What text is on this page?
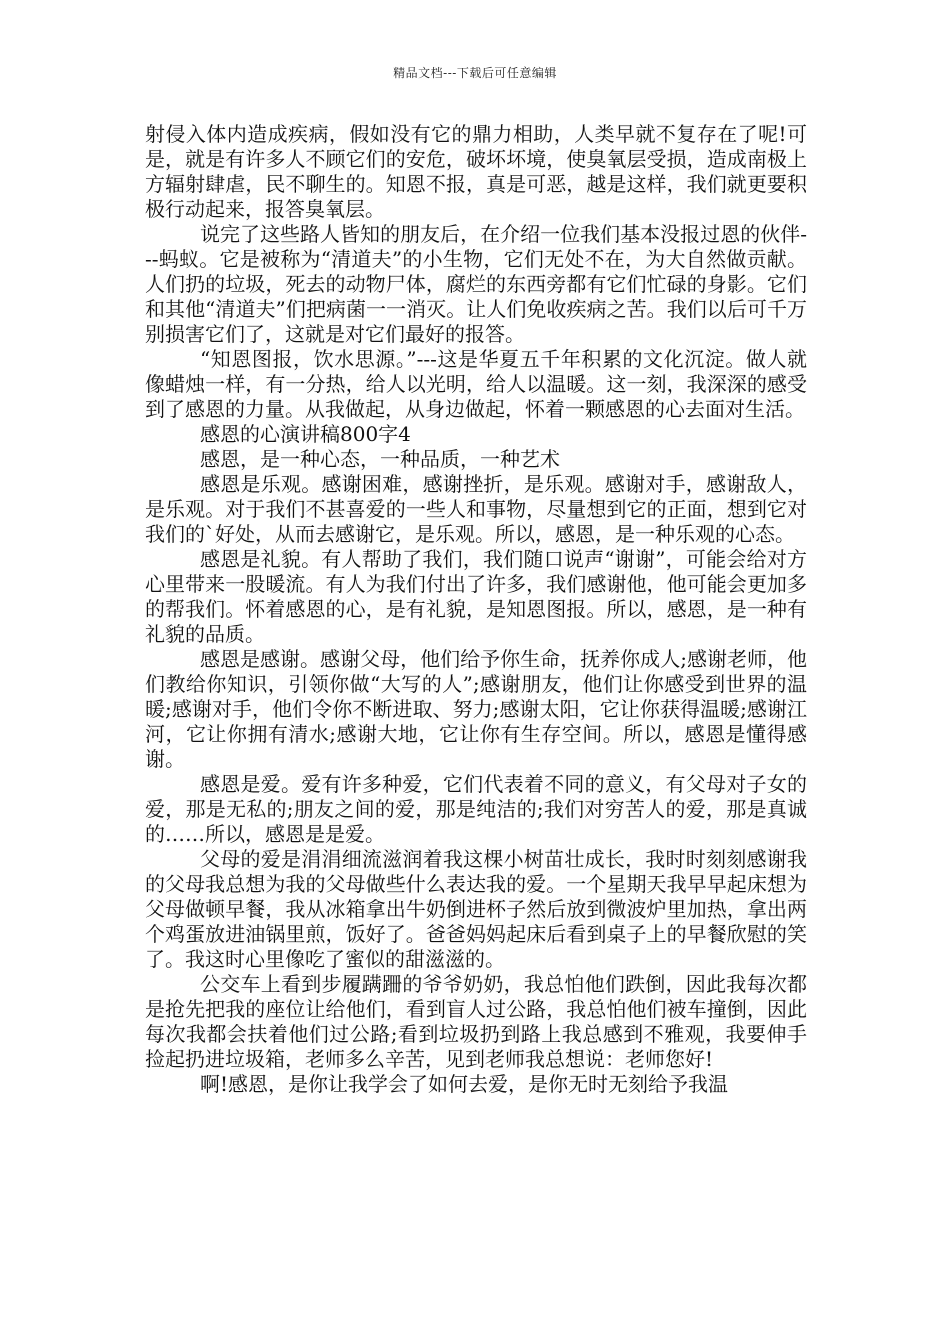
精品文档---下载后可任意编辑

射侵入体内造成疾病，假如没有它的鼎力相助，人类早就不复存在了呢!可是，就是有许多人不顾它们的安危，破坏坏境，使臭氧层受损，造成南极上方辐射肆虐，民不聊生的。知恩不报，真是可恶，越是这样，我们就更要积极行动起来，报答臭氧层。

说完了这些路人皆知的朋友后，在介绍一位我们基本没报过恩的伙伴---蚂蚁。它是被称为“清道夫”的小生物，它们无处不在，为大自然做贡献。人们扔的垃圾，死去的动物尸体，腐烂的东西旁都有它们忙碌的身影。它们和其他“清道夫”们把病菌一一消灭。让人们免收疾病之苦。我们以后可千万别损害它们了，这就是对它们最好的报答。

“知恩图报，饮水思源。”---这是华夏五千年积累的文化沉淀。做人就像蜡烛一样，有一分热，给人以光明，给人以温暖。这一刻，我深深的感受到了感恩的力量。从我做起，从身边做起，怀着一颗感恩的心去面对生活。

感恩的心演讲稿800字4

感恩，是一种心态，一种品质，一种艺术

感恩是乐观。感谢困难，感谢挫折，是乐观。感谢对手，感谢敌人，是乐观。对于我们不甚喜爱的一些人和事物，尽量想到它的正面，想到它对我们的`好处，从而去感谢它，是乐观。所以，感恩，是一种乐观的心态。

感恩是礼貌。有人帮助了我们，我们随口说声“谢谢”，可能会给对方心里带来一股暖流。有人为我们付出了许多，我们感谢他，他可能会更加多的帮我们。怀着感恩的心，是有礼貌，是知恩图报。所以，感恩，是一种有礼貌的品质。

感恩是感谢。感谢父母，他们给予你生命，抚养你成人;感谢老师，他们教给你知识，引领你做“大写的人”;感谢朋友，他们让你感受到世界的温暖;感谢对手，他们令你不断进取、努力;感谢太阳，它让你获得温暖;感谢江河，它让你拥有清水;感谢大地，它让你有生存空间。所以，感恩是懂得感谢。

感恩是爱。爱有许多种爱，它们代表着不同的意义，有父母对子女的爱，那是无私的;朋友之间的爱，那是纯洁的;我们对穷苦人的爱，那是真诚的……所以，感恩是是爱。

父母的爱是涓涓细流滋润着我这棵小树苗壮成长，我时时刻刻感谢我的父母我总想为我的父母做些什么表达我的爱。一个星期天我早早起床想为父母做顿早餐，我从冰箱拿出牛奶倒进杯子然后放到微波炉里加热，拿出两个鸡蛋放进油锅里煎，饭好了。爸爸妈妈起床后看到桌子上的早餐欣慰的笑了。我这时心里像吃了蜜似的甜滋滋的。

公交车上看到步履蹒跚的爷爷奶奶，我总怕他们跌倒，因此我每次都是抢先把我的座位让给他们，看到盲人过公路，我总怕他们被车撞倒，因此每次我都会扶着他们过公路;看到垃圾扔到路上我总感到不雅观，我要伸手捡起扔进垃圾箱，老师多么辛苦，见到老师我总想说：老师您好!

啊!感恩，是你让我学会了如何去爱，是你无时无刻给予我温
